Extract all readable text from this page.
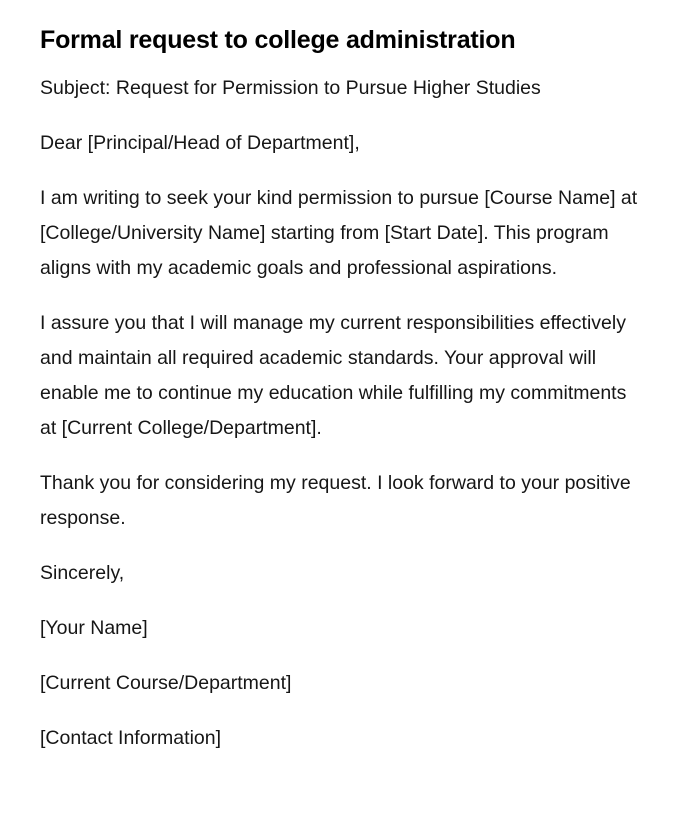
Formal request to college administration

Subject: Request for Permission to Pursue Higher Studies

Dear [Principal/Head of Department],

I am writing to seek your kind permission to pursue [Course Name] at [College/University Name] starting from [Start Date]. This program aligns with my academic goals and professional aspirations.

I assure you that I will manage my current responsibilities effectively and maintain all required academic standards. Your approval will enable me to continue my education while fulfilling my commitments at [Current College/Department].

Thank you for considering my request. I look forward to your positive response.

Sincerely,

[Your Name]

[Current Course/Department]

[Contact Information]
